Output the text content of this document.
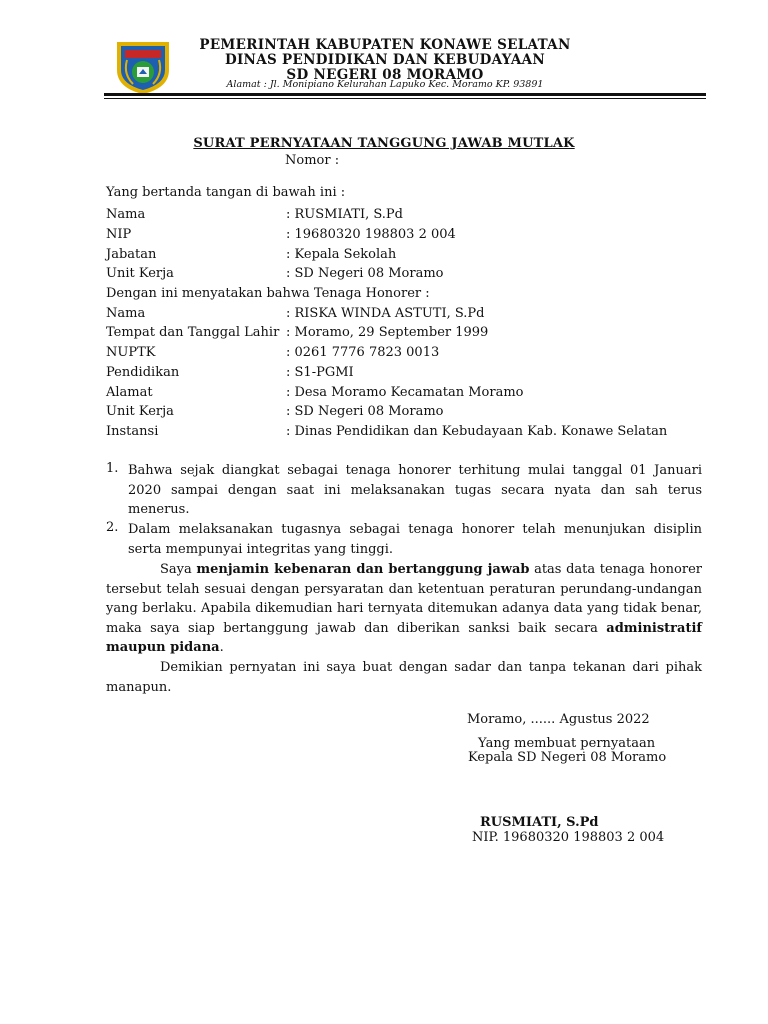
PEMERINTAH KABUPATEN KONAWE SELATAN
DINAS PENDIDIKAN DAN KEBUDAYAAN
SD NEGERI 08 MORAMO
Alamat : Jl. Monipiano Kelurahan Lapuko Kec. Moramo KP. 93891
SURAT PERNYATAAN TANGGUNG JAWAB MUTLAK
Nomor :
Yang bertanda tangan di bawah ini :
Nama	: RUSMIATI, S.Pd
NIP	: 19680320 198803 2 004
Jabatan	: Kepala Sekolah
Unit Kerja	: SD Negeri 08 Moramo
Dengan ini menyatakan bahwa Tenaga Honorer :
Nama	: RISKA WINDA ASTUTI, S.Pd
Tempat dan Tanggal Lahir : Moramo, 29 September 1999
NUPTK	: 0261 7776 7823 0013
Pendidikan	: S1-PGMI
Alamat	: Desa Moramo Kecamatan Moramo
Unit Kerja	: SD Negeri 08 Moramo
Instansi	: Dinas Pendidikan dan Kebudayaan Kab. Konawe Selatan
1. Bahwa sejak diangkat sebagai tenaga honorer terhitung mulai tanggal 01 Januari 2020 sampai dengan saat ini melaksanakan tugas secara nyata dan sah terus menerus.
2. Dalam melaksanakan tugasnya sebagai tenaga honorer telah menunjukan disiplin serta mempunyai integritas yang tinggi.
Saya menjamin kebenaran dan bertanggung jawab atas data tenaga honorer tersebut telah sesuai dengan persyaratan dan ketentuan peraturan perundang-undangan yang berlaku. Apabila dikemudian hari ternyata ditemukan adanya data yang tidak benar, maka saya siap bertanggung jawab dan diberikan sanksi baik secara administratif maupun pidana.
Demikian pernyatan ini saya buat dengan sadar dan tanpa tekanan dari pihak manapun.
Moramo, ...... Agustus 2022
Yang membuat pernyataan
Kepala SD Negeri 08 Moramo
RUSMIATI, S.Pd
NIP. 19680320 198803 2 004
